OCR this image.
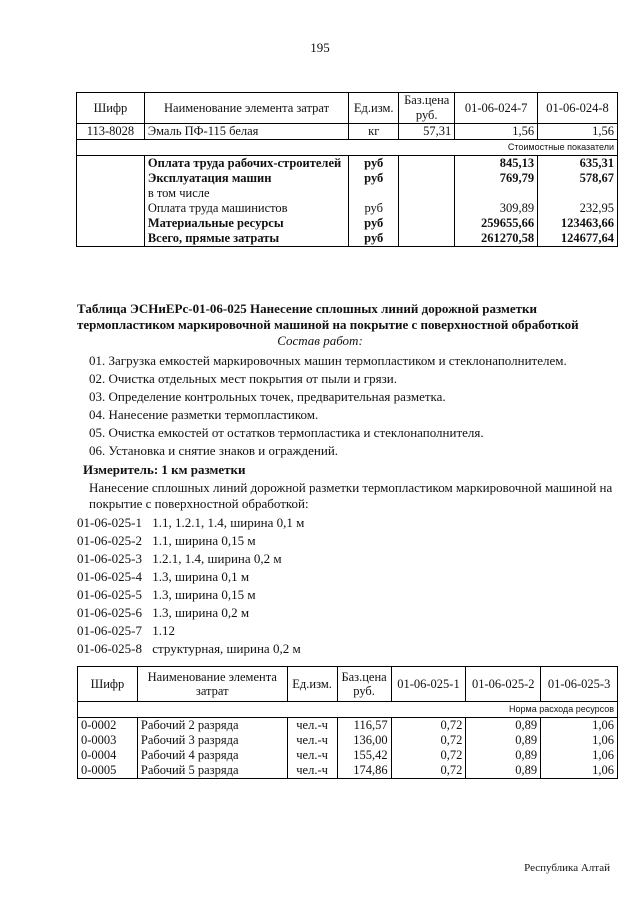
195
Шифр	Наименование элемента затрат	Ед.изм.	Баз.цена руб.	01-06-024-7	01-06-024-8
113-8028	Эмаль ПФ-115 белая	кг	57,31	1,56	1,56
Стоимостные показатели					
	Оплата труда рабочих-строителей	руб		845,13	635,31
	Эксплуатация машин	руб		769,79	578,67
	в том числе				
	Оплата труда машинистов	руб		309,89	232,95
	Материальные ресурсы	руб		259655,66	123463,66
	Всего, прямые затраты	руб		261270,58	124677,64
Таблица ЭСНиЕРс-01-06-025 Нанесение сплошных линий дорожной разметки
термопластиком маркировочной машиной на покрытие с поверхностной обработкой
Состав работ:
01. Загрузка емкостей маркировочных машин термопластиком и стеклонаполнителем.
02. Очистка отдельных мест покрытия от пыли и грязи.
03. Определение контрольных точек, предварительная разметка.
04. Нанесение разметки термопластиком.
05. Очистка емкостей от остатков термопластика и стеклонаполнителя.
06. Установка и снятие знаков и ограждений.
Измеритель: 1 км разметки
Нанесение сплошных линий дорожной разметки термопластиком маркировочной машиной на покрытие с поверхностной обработкой:
01-06-025-1 1.1, 1.2.1, 1.4, ширина 0,1 м
01-06-025-2 1.1, ширина 0,15 м
01-06-025-3 1.2.1, 1.4, ширина 0,2 м
01-06-025-4 1.3, ширина 0,1 м
01-06-025-5 1.3, ширина 0,15 м
01-06-025-6 1.3, ширина 0,2 м
01-06-025-7 1.12
01-06-025-8 структурная, ширина 0,2 м
Шифр	Наименование элемента затрат	Ед.изм.	Баз.цена руб.	01-06-025-1	01-06-025-2	01-06-025-3
Норма расхода ресурсов						
0-0002	Рабочий 2 разряда	чел.-ч	116,57	0,72	0,89	1,06
0-0003	Рабочий 3 разряда	чел.-ч	136,00	0,72	0,89	1,06
0-0004	Рабочий 4 разряда	чел.-ч	155,42	0,72	0,89	1,06
0-0005	Рабочий 5 разряда	чел.-ч	174,86	0,72	0,89	1,06
Республика Алтай
